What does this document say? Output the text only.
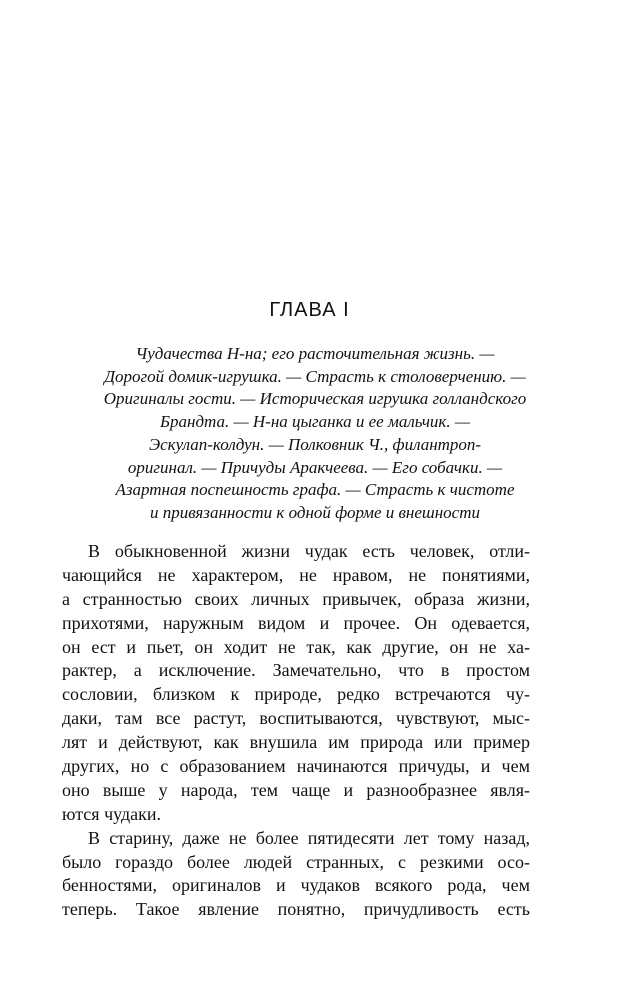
ГЛАВА I
Чудачества Н-на; его расточительная жизнь. —
Дорогой домик-игрушка. — Страсть к столоверчению. —
Оригиналы гости. — Историческая игрушка голландского
Брандта. — Н-на цыганка и ее мальчик. —
Эскулап-колдун. — Полковник Ч., филантроп-
оригинал. — Причуды Аракчеева. — Его собачки. —
Азартная поспешность графа. — Страсть к чистоте
и привязанности к одной форме и внешности
В обыкновенной жизни чудак есть человек, отли-
чающийся не характером, не нравом, не понятиями,
а странностью своих личных привычек, образа жизни,
прихотями, наружным видом и прочее. Он одевается,
он ест и пьет, он ходит не так, как другие, он не ха-
рактер, а исключение. Замечательно, что в простом
сословии, близком к природе, редко встречаются чу-
даки, там все растут, воспитываются, чувствуют, мыс-
лят и действуют, как внушила им природа или пример
других, но с образованием начинаются причуды, и чем
оно выше у народа, тем чаще и разнообразнее явля-
ются чудаки.
В старину, даже не более пятидесяти лет тому назад,
было гораздо более людей странных, с резкими осо-
бенностями, оригиналов и чудаков всякого рода, чем
теперь. Такое явление понятно, причудливость есть
